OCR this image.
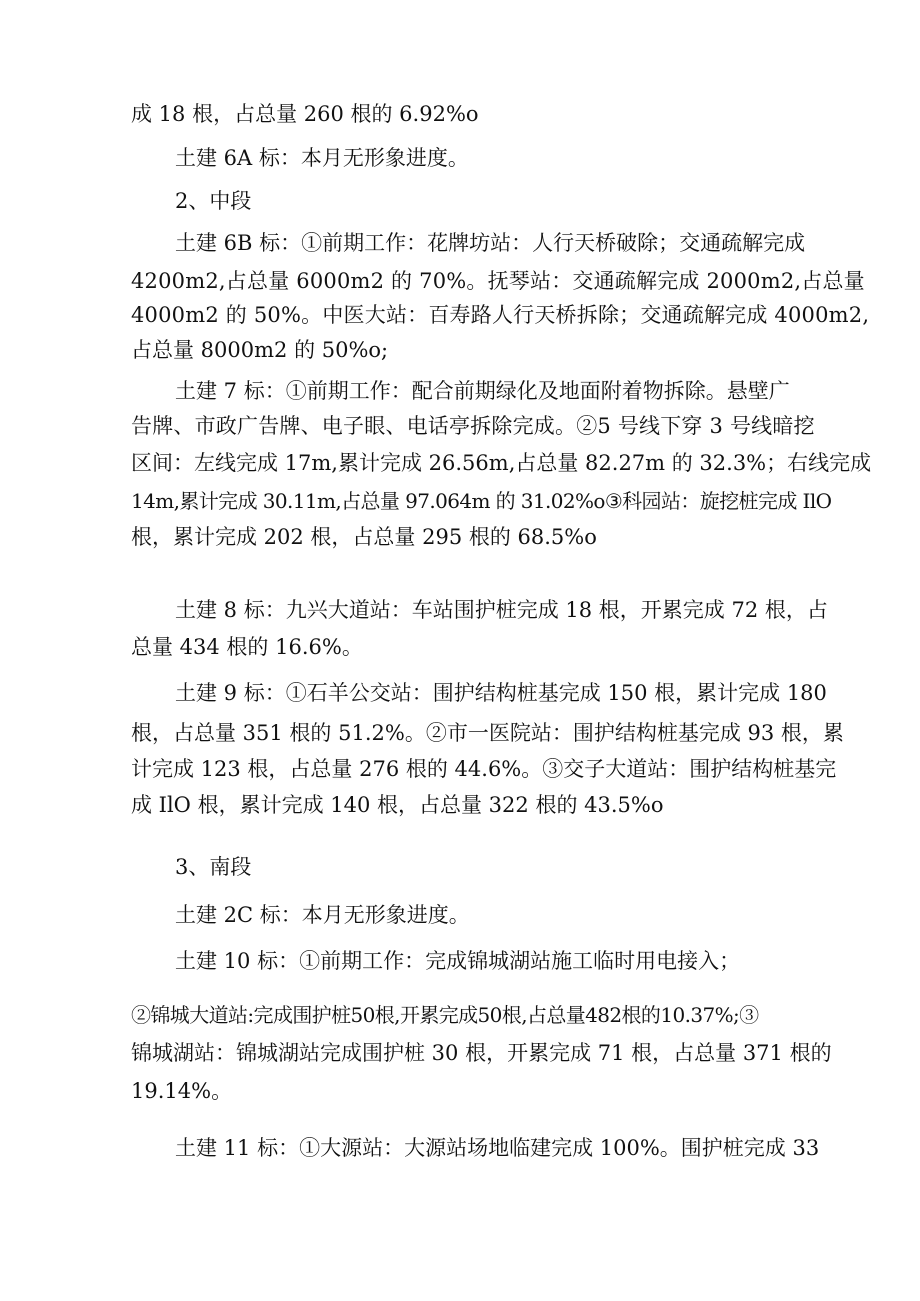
成 18 根，占总量 260 根的 6.92%o
土建 6A 标：本月无形象进度。
2、中段
土建 6B 标：①前期工作：花牌坊站：人行天桥破除；交通疏解完成
4200m2,占总量 6000m2 的 70%。抚琴站：交通疏解完成 2000m2,占总量
4000m2 的 50%。中医大站：百寿路人行天桥拆除；交通疏解完成 4000m2,
占总量 8000m2 的 50%o;
土建 7 标：①前期工作：配合前期绿化及地面附着物拆除。悬壁广
告牌、市政广告牌、电子眼、电话亭拆除完成。②5 号线下穿 3 号线暗挖
区间：左线完成 17m,累计完成 26.56m,占总量 82.27m 的 32.3%；右线完成
14m,累计完成 30.11m,占总量 97.064m 的 31.02%o③科园站：旋挖桩完成 IlO
根，累计完成 202 根，占总量 295 根的 68.5%o
土建 8 标：九兴大道站：车站围护桩完成 18 根，开累完成 72 根，占
总量 434 根的 16.6%。
土建 9 标：①石羊公交站：围护结构桩基完成 150 根，累计完成 180
根，占总量 351 根的 51.2%。②市一医院站：围护结构桩基完成 93 根，累
计完成 123 根，占总量 276 根的 44.6%。③交子大道站：围护结构桩基完
成 IlO 根，累计完成 140 根，占总量 322 根的 43.5%o
3、南段
土建 2C 标：本月无形象进度。
土建 10 标：①前期工作：完成锦城湖站施工临时用电接入；
②锦城大道站:完成围护桩50根,开累完成50根,占总量482根的10.37%;③
锦城湖站：锦城湖站完成围护桩 30 根，开累完成 71 根，占总量 371 根的
19.14%。
土建 11 标：①大源站：大源站场地临建完成 100%。围护桩完成 33
